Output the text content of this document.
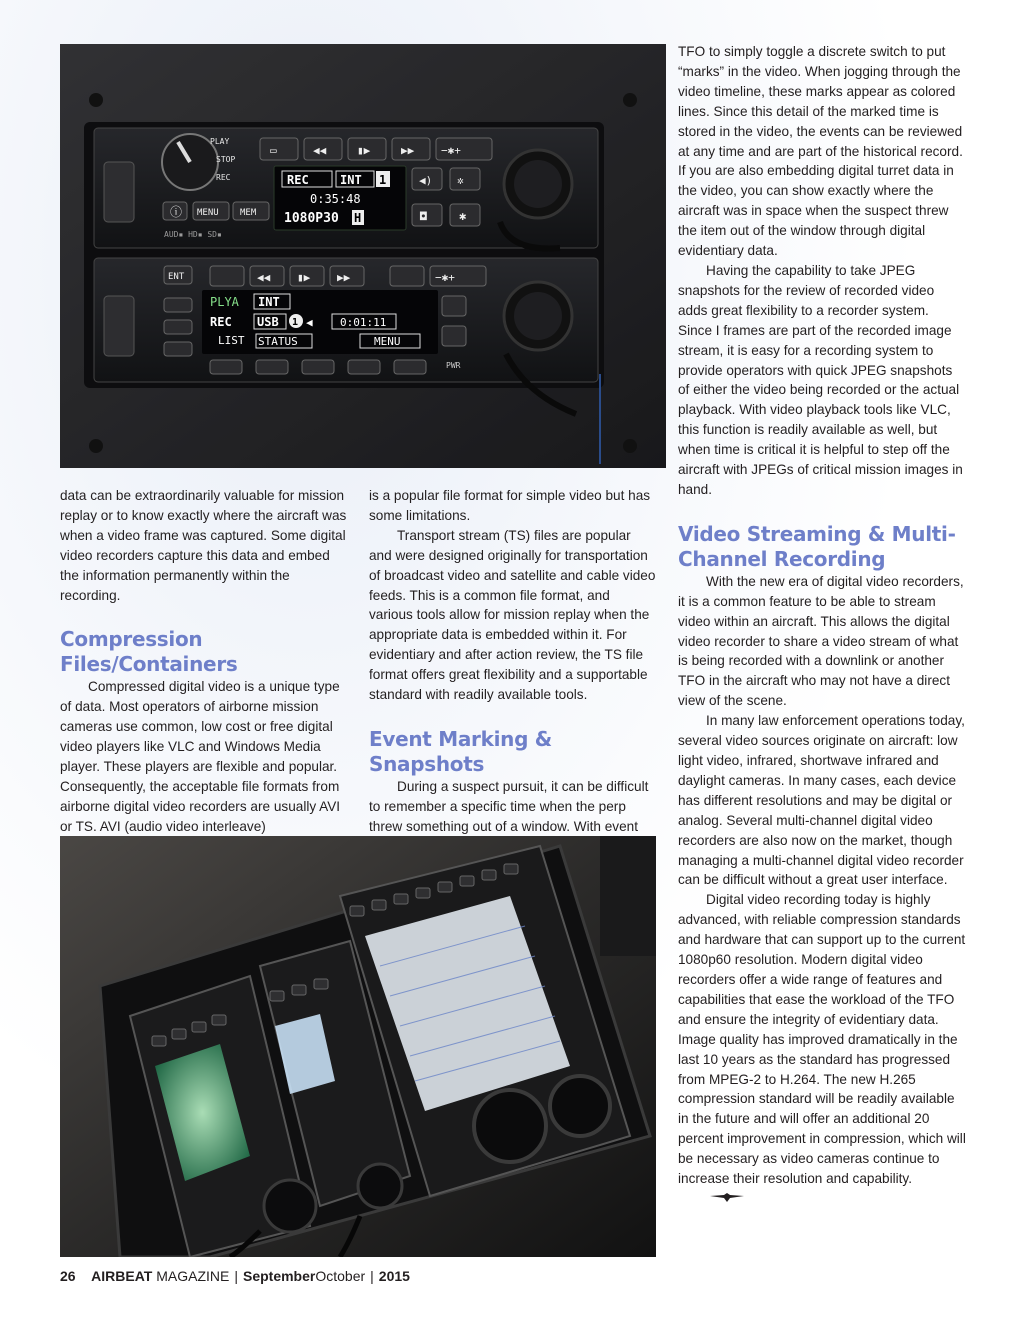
PLAY
STOP
REC
ⓘ MENU MEM
AUD▪ HD▪ SD▪
▭	◀◀	▮▶	▶▶ −✱+
REC	INT 1
0:35:48
1080P30 H
◀) ✲
◘	✱
ENT	◀◀ ▮▶ ▶▶	−✱+
PLYA INT
REC USB 1 ◀ 0:01:11
LIST STATUS	MENU
PWR

data can be extraordinarily valuable for mission replay or to know exactly where the aircraft was when a video frame was captured. Some digital video recorders capture this data and embed the information permanently within the recording.

Compression Files/Containers

Compressed digital video is a unique type of data. Most operators of airborne mission cameras use common, low cost or free digital video players like VLC and Windows Media player. These players are flexible and popular. Consequently, the acceptable file formats from airborne digital video recorders are usually AVI or TS. AVI (audio video interleave)

is a popular file format for simple video but has some limitations.

Transport stream (TS) files are popular and were designed originally for transportation of broadcast video and satellite and cable video feeds. This is a common file format, and various tools allow for mission replay when the appropriate data is embedded within it. For evidentiary and after action review, the TS file format offers great flexibility and a supportable standard with readily available tools.

Event Marking & Snapshots

During a suspect pursuit, it can be difficult to remember a specific time when the perp threw something out of a window. With event

TFO to simply toggle a discrete switch to put “marks” in the video. When jogging through the video timeline, these marks appear as colored lines. Since this detail of the marked time is stored in the video, the events can be reviewed at any time and are part of the historical record. If you are also embedding digital turret data in the video, you can show exactly where the aircraft was in space when the suspect threw the item out of the window through digital evidentiary data.

Having the capability to take JPEG snapshots for the review of recorded video adds great flexibility to a recorder system. Since I frames are part of the recorded image stream, it is easy for a recording system to provide operators with quick JPEG snapshots of either the video being recorded or the actual playback. With video playback tools like VLC, this function is readily available as well, but when time is critical it is helpful to step off the aircraft with JPEGs of critical mission images in hand.

Video Streaming & Multi-Channel Recording

With the new era of digital video recorders, it is a common feature to be able to stream video within an aircraft. This allows the digital video recorder to share a video stream of what is being recorded with a downlink or another TFO in the aircraft who may not have a direct view of the scene.

In many law enforcement operations today, several video sources originate on aircraft: low light video, infrared, shortwave infrared and daylight cameras. In many cases, each device has different resolutions and may be digital or analog. Several multi-channel digital video recorders are also now on the market, though managing a multi-channel digital video recorder can be difficult without a great user interface.

Digital video recording today is highly advanced, with reliable compression standards and hardware that can support up to the current 1080p60 resolution. Modern digital video recorders offer a wide range of features and capabilities that ease the workload of the TFO and ensure the integrity of evidentiary data. Image quality has improved dramatically in the last 10 years as the standard has progressed from MPEG-2 to H.264. The new H.265 compression standard will be readily available in the future and will offer an additional 20 percent improvement in compression, which will be necessary as video cameras continue to increase their resolution and capability.

26 AIRBEAT MAGAZINE | SeptemberOctober | 2015
